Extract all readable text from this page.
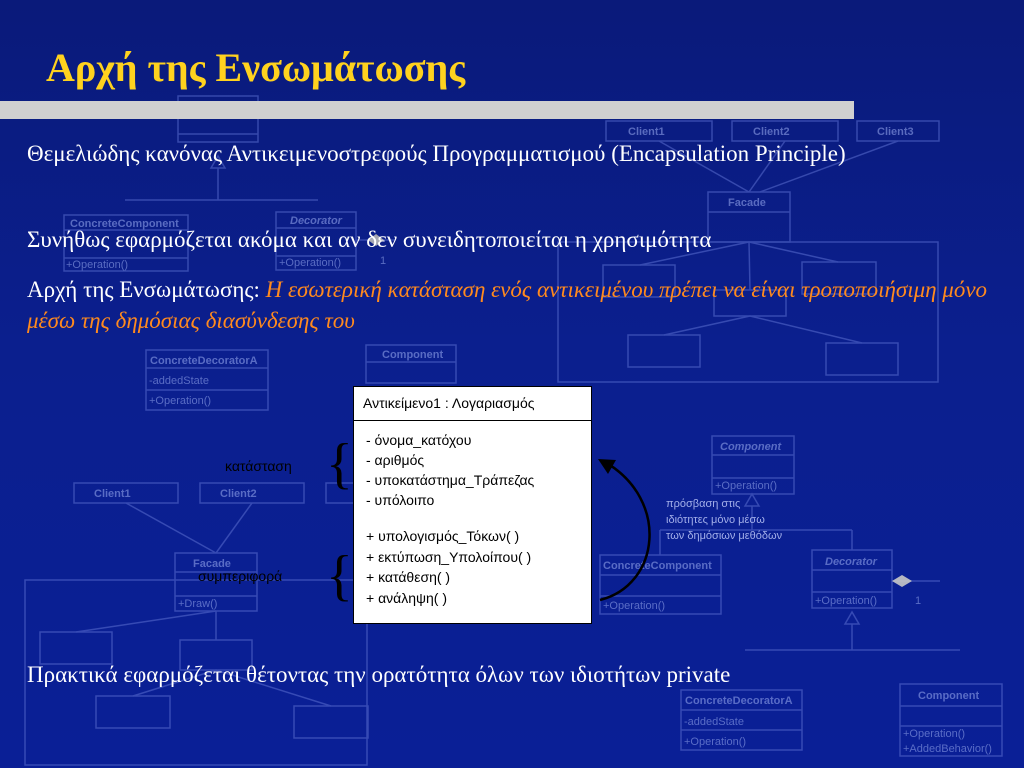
Client1	Client2	Client3
Facade
Client1	Client2
Facade
ConcreteComponent	Decorator
ConcreteDecoratorA	Component
Component
ConcreteComponent	Decorator
ConcreteDecoratorA	Component
+Operation()	+Operation()	1
-addedState
+Operation()
+Draw()
+Operation()
+Operation()	+Operation()	1
-addedState
+Operation()
+Operation()
+AddedBehavior()
Αρχή της Ενσωμάτωσης
Θεμελιώδης κανόνας Αντικειμενοστρεφούς Προγραμματισμού (Encapsulation Principle)
Συνήθως εφαρμόζεται ακόμα και αν δεν συνειδητοποιείται η χρησιμότητα
Αρχή της Ενσωμάτωσης: Η εσωτερική κατάσταση ενός αντικειμένου πρέπει να είναι τροποποιήσιμη μόνο μέσω της δημόσιας διασύνδεσης του
κατάσταση {
συμπεριφορά {
Αντικείμενο1 : Λογαριασμός
- όνομα_κατόχου
- αριθμός
- υποκατάστημα_Τράπεζας
- υπόλοιπο
+ υπολογισμός_Τόκων( )
+ εκτύπωση_Υπολοίπου( )
+ κατάθεση( )
+ ανάληψη( )
πρόσβαση στις
ιδιότητες μόνο μέσω
των δημόσιων μεθόδων
Πρακτικά εφαρμόζεται θέτοντας την ορατότητα όλων των ιδιοτήτων private
